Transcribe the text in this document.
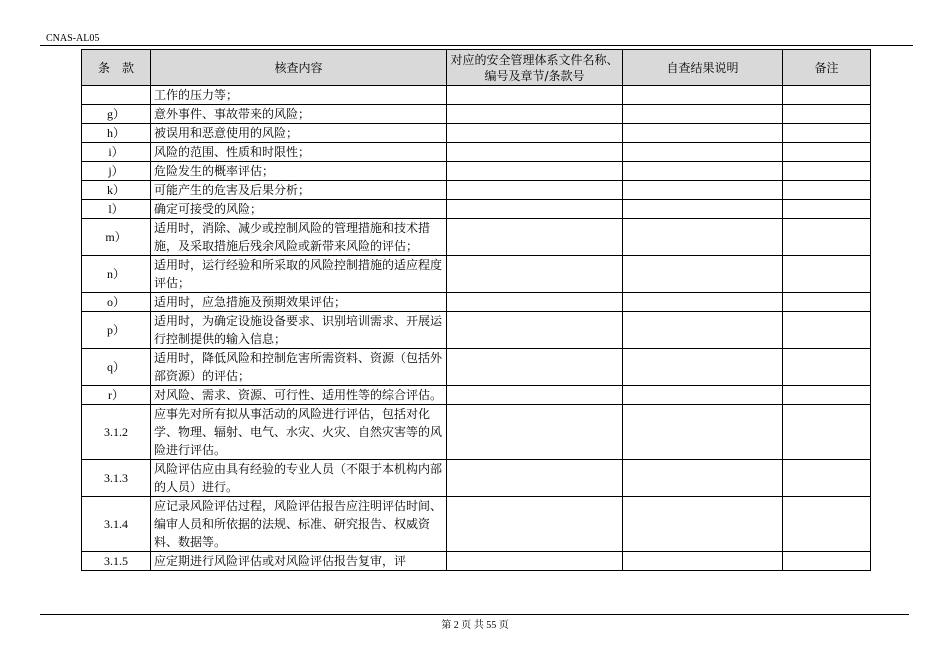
CNAS-AL05
条　款	核查内容	对应的安全管理体系文件名称、编号及章节/条款号	自查结果说明	备注
	工作的压力等；			
g）	意外事件、事故带来的风险；			
h）	被误用和恶意使用的风险；			
i）	风险的范围、性质和时限性；			
j）	危险发生的概率评估；			
k）	可能产生的危害及后果分析；			
l）	确定可接受的风险；			
m）	适用时，消除、减少或控制风险的管理措施和技术措施，及采取措施后残余风险或新带来风险的评估；			
n）	适用时，运行经验和所采取的风险控制措施的适应程度评估；			
o）	适用时，应急措施及预期效果评估；			
p）	适用时，为确定设施设备要求、识别培训需求、开展运行控制提供的输入信息；			
q）	适用时，降低风险和控制危害所需资料、资源（包括外部资源）的评估；			
r）	对风险、需求、资源、可行性、适用性等的综合评估。			
3.1.2	应事先对所有拟从事活动的风险进行评估，包括对化学、物理、辐射、电气、水灾、火灾、自然灾害等的风险进行评估。			
3.1.3	风险评估应由具有经验的专业人员（不限于本机构内部的人员）进行。			
3.1.4	应记录风险评估过程，风险评估报告应注明评估时间、编审人员和所依据的法规、标准、研究报告、权威资料、数据等。			
3.1.5	应定期进行风险评估或对风险评估报告复审，评			
第 2 页 共 55 页
